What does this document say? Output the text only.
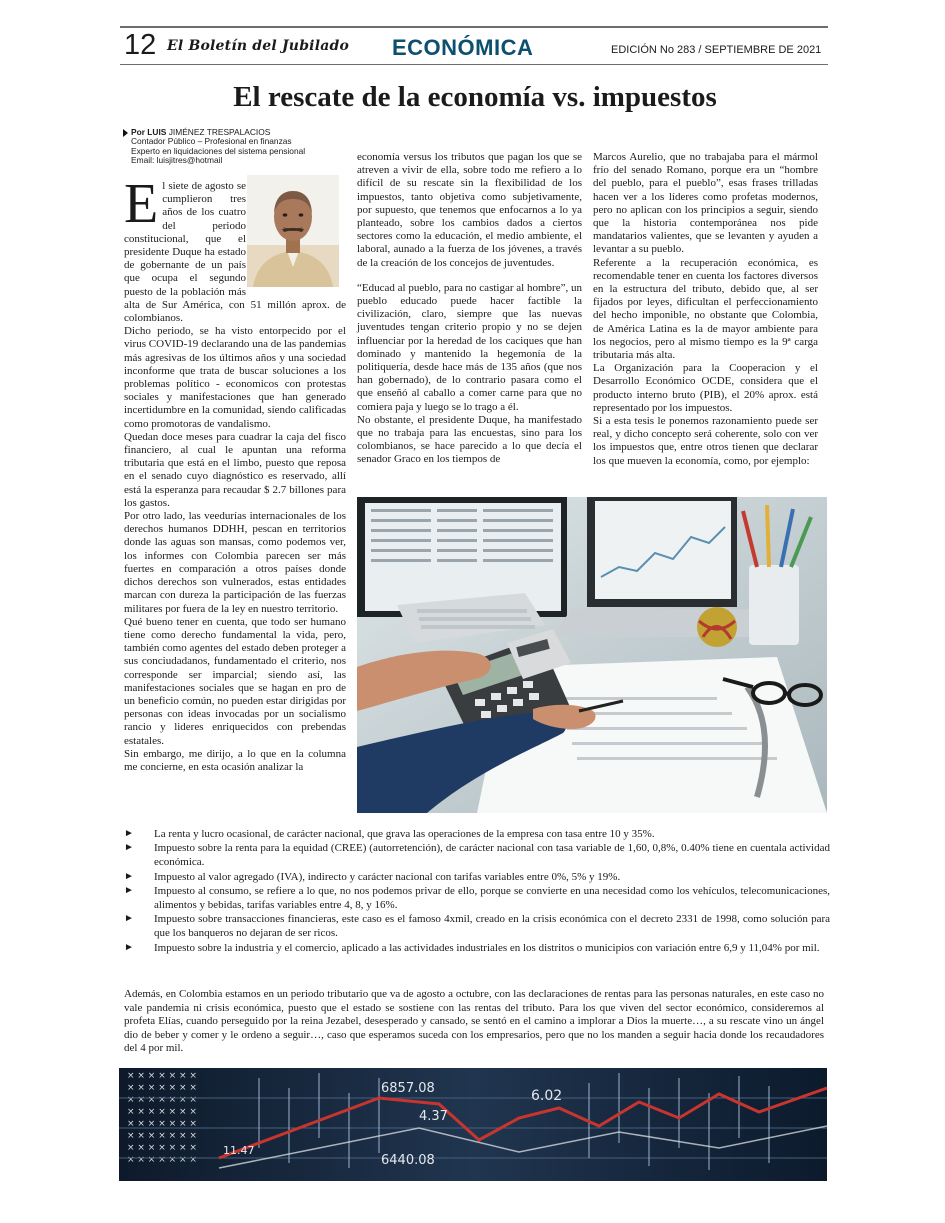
12 El Boletín del Jubilado ECONÓMICA	EDICIÓN No 283 / SEPTIEMBRE DE 2021
El rescate de la economía vs. impuestos
Por LUIS JIMÉNEZ TRESPALACIOS
Contador Público – Profesional en finanzas
Experto en liquidaciones del sistema pensional
Email: luisjitres@hotmail

El siete de agosto se cumplieron tres años de los cuatro del periodo constitucional, que el presidente Duque ha estado de gobernante de un país que ocupa el segundo puesto de la población más alta de Sur América, con 51 millón aprox. de colombianos.

Dicho periodo, se ha visto entorpecido por el virus COVID-19 declarando una de las pandemias más agresivas de los últimos años y una sociedad inconforme que trata de buscar soluciones a los problemas político - economicos con protestas sociales y manifestaciones que han generado incertidumbre en la comunidad, siendo calificadas como promotoras de vandalismo.

Quedan doce meses para cuadrar la caja del fisco financiero, al cual le apuntan una reforma tributaria que está en el limbo, puesto que reposa en el senado cuyo diagnóstico es reservado, allí está la esperanza para recaudar $ 2.7 billones para los gastos.

Por otro lado, las veedurías internacionales de los derechos humanos DDHH, pescan en territorios donde las aguas son mansas, como podemos ver, los informes con Colombia parecen ser más fuertes en comparación a otros países donde dichos derechos son vulnerados, estas entidades marcan con dureza la participación de las fuerzas militares por fuera de la ley en nuestro territorio.

Qué bueno tener en cuenta, que todo ser humano tiene como derecho fundamental la vida, pero, también como agentes del estado deben proteger a sus conciudadanos, fundamentado el criterio, nos corresponde ser imparcial; siendo así, las manifestaciones sociales que se hagan en pro de un beneficio común, no pueden estar dirigidas por personas con ideas invocadas por un socialismo rancio y lideres enriquecidos con prebendas estatales.

Sin embargo, me dirijo, a lo que en la columna me concierne, en esta ocasión analizar la

economía versus los tributos que pagan los que se atreven a vivir de ella, sobre todo me refiero a lo difícil de su rescate sin la flexibilidad de los impuestos, tanto objetiva como subjetivamente, por supuesto, que tenemos que enfocarnos a lo ya planteado, sobre los cambios dados a ciertos sectores como la educación, el medio ambiente, el laboral, aunado a la fuerza de los jóvenes, a través de la creación de los concejos de juventudes.

“Educad al pueblo, para no castigar al hombre”, un pueblo educado puede hacer factible la civilización, claro, siempre que las nuevas juventudes tengan criterio propio y no se dejen influenciar por la heredad de los caciques que han dominado y mantenido la hegemonía de la politiquería, desde hace más de 135 años (que nos han gobernado), de lo contrario pasara como el que enseñó al caballo a comer carne para que no comiera paja y luego se lo trago a él.

No obstante, el presidente Duque, ha manifestado que no trabaja para las encuestas, sino para los colombianos, se hace parecido a lo que decía el senador Graco en los tiempos de

Marcos Aurelio, que no trabajaba para el mármol frío del senado Romano, porque era un “hombre del pueblo, para el pueblo”, esas frases trilladas hacen ver a los líderes como profetas modernos, pero no aplican con los principios a seguir, siendo que la historia contemporánea nos pide mandatarios valientes, que se levanten y ayuden a levantar a su pueblo.

Referente a la recuperación económica, es recomendable tener en cuenta los factores diversos en la estructura del tributo, debido que, al ser fijados por leyes, dificultan el perfeccionamiento del hecho imponible, no obstante que Colombia, de América Latina es la de mayor ambiente para los negocios, pero al mismo tiempo es la 9ª carga tributaria más alta.

La Organización para la Cooperacion y el Desarrollo Económico OCDE, considera que el producto interno bruto (PIB), el 20% aprox. está representado por los impuestos.

Si a esta tesis le ponemos razonamiento puede ser real, y dicho concepto será coherente, solo con ver los impuestos que, entre otros tienen que declarar los que mueven la economía, como, por ejemplo:

► La renta y lucro ocasional, de carácter nacional, que grava las operaciones de la empresa con tasa entre 10 y 35%.

► Impuesto sobre la renta para la equidad (CREE) (autorretención), de carácter nacional con tasa variable de 1,60, 0,8%, 0.40% tiene en cuentala actividad económica.

► Impuesto al valor agregado (IVA), indirecto y carácter nacional con tarifas variables entre 0%, 5% y 19%.

► Impuesto al consumo, se refiere a lo que, no nos podemos privar de ello, porque se convierte en una necesidad como los vehículos, telecomunicaciones, alimentos y bebidas, tarifas variables entre 4, 8, y 16%.

► Impuesto sobre transacciones financieras, este caso es el famoso 4xmil, creado en la crisis económica con el decreto 2331 de 1998, como solución para que los banqueros no dejaran de ser ricos.

► Impuesto sobre la industria y el comercio, aplicado a las actividades industriales en los distritos o municipios con variación entre 6,9 y 11,04% por mil.

Además, en Colombia estamos en un periodo tributario que va de agosto a octubre, con las declaraciones de rentas para las personas naturales, en este caso no vale pandemia ni crisis económica, puesto que el estado se sostiene con las rentas del tributo. Para los que viven del sector económico, consideremos al profeta Elías, cuando perseguido por la reina Jezabel, desesperado y cansado, se sentó en el camino a implorar a Dios la muerte…, a su rescate vino un ángel dio de beber y comer y le ordeno a seguir…, caso que esperamos suceda con los empresarios, pero que no los manden a seguir hacia donde los recaudadores del 4 por mil.
× × × × × × ×
× × × × × × ×
× × × × × × ×
× × × × × × ×
× × × × × × ×
× × × × × × ×
× × × × × × ×
× × × × × × ×
6857.08
4.37
6.02
6440.08
11.47
